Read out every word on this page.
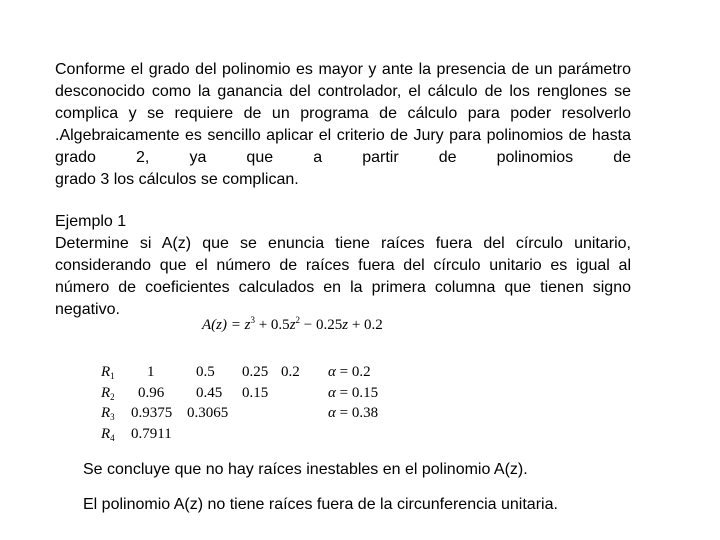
Conforme el grado del polinomio es mayor y ante la presencia de un parámetro desconocido como la ganancia del controlador, el cálculo de los renglones se complica y se requiere de un programa de cálculo para poder resolverlo .Algebraicamente es sencillo aplicar el criterio de Jury para polinomios de hasta grado 2, ya que a partir de polinomios de
grado 3 los cálculos se complican.
Ejemplo 1
Determine si A(z) que se enuncia tiene raíces fuera del círculo unitario, considerando que el número de raíces fuera del círculo unitario es igual al número de coeficientes calculados en la primera columna que tienen signo negativo.
$A(z) = z^3 + 0.5z^2 - 0.25z + 0.2$
$R_1$ 1	0.5 0.25 0.2 α = 0.2
$R_2$ 0.96 0.45 0.15	α = 0.15
$R_3$ 0.9375 0.3065	α = 0.38
$R_4$ 0.7911
Se concluye que no hay raíces inestables en el polinomio A(z).
El polinomio A(z) no tiene raíces fuera de la circunferencia unitaria.
